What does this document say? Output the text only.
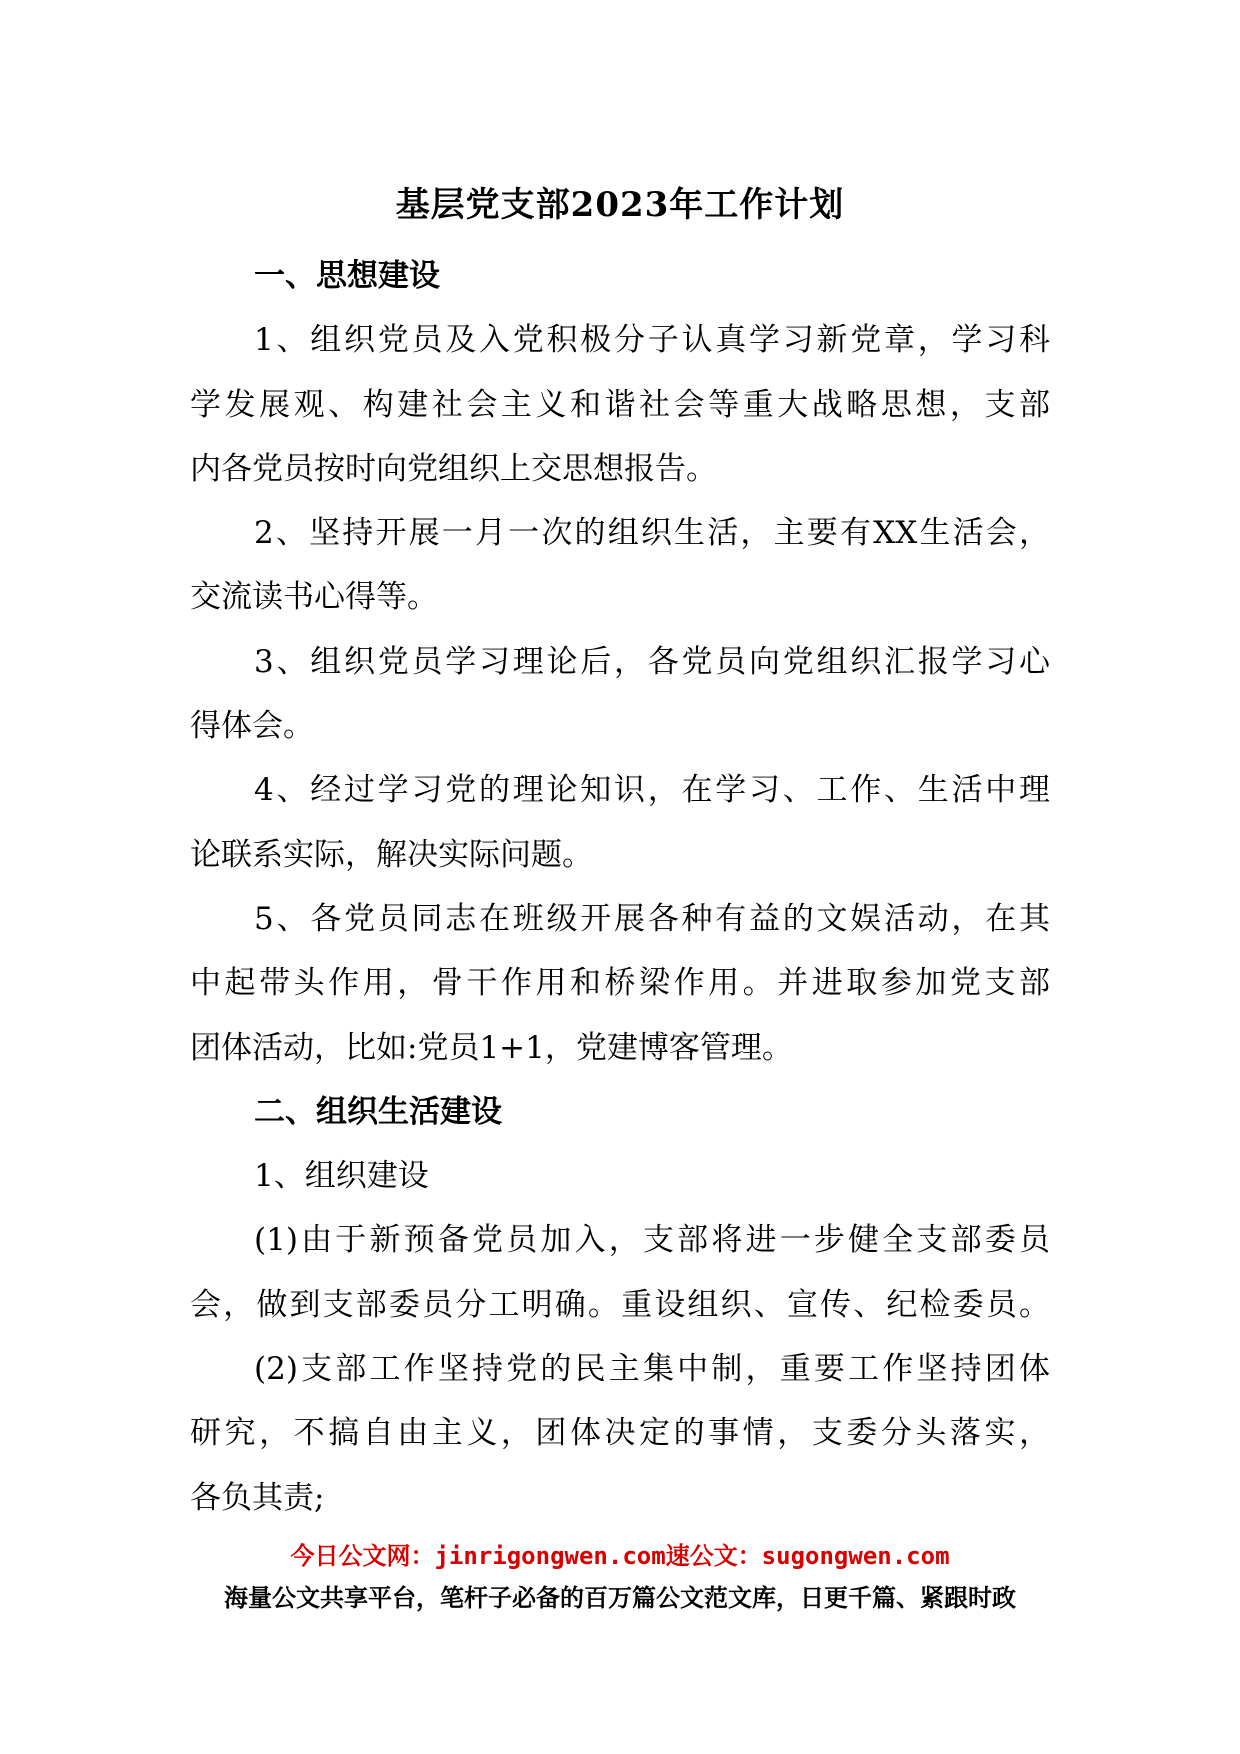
基层党支部2023年工作计划
一、思想建设
1、组织党员及入党积极分子认真学习新党章，学习科
学发展观、构建社会主义和谐社会等重大战略思想，支部
内各党员按时向党组织上交思想报告。
2、坚持开展一月一次的组织生活，主要有XX生活会，
交流读书心得等。
3、组织党员学习理论后，各党员向党组织汇报学习心
得体会。
4、经过学习党的理论知识，在学习、工作、生活中理
论联系实际，解决实际问题。
5、各党员同志在班级开展各种有益的文娱活动，在其
中起带头作用，骨干作用和桥梁作用。并进取参加党支部
团体活动，比如:党员1+1，党建博客管理。
二、组织生活建设
1、组织建设
(1)由于新预备党员加入，支部将进一步健全支部委员
会，做到支部委员分工明确。重设组织、宣传、纪检委员。
(2)支部工作坚持党的民主集中制，重要工作坚持团体
研究，不搞自由主义，团体决定的事情，支委分头落实，
各负其责;
今日公文网：jinrigongwen.com速公文：sugongwen.com
海量公文共享平台，笔杆子必备的百万篇公文范文库，日更千篇、紧跟时政
